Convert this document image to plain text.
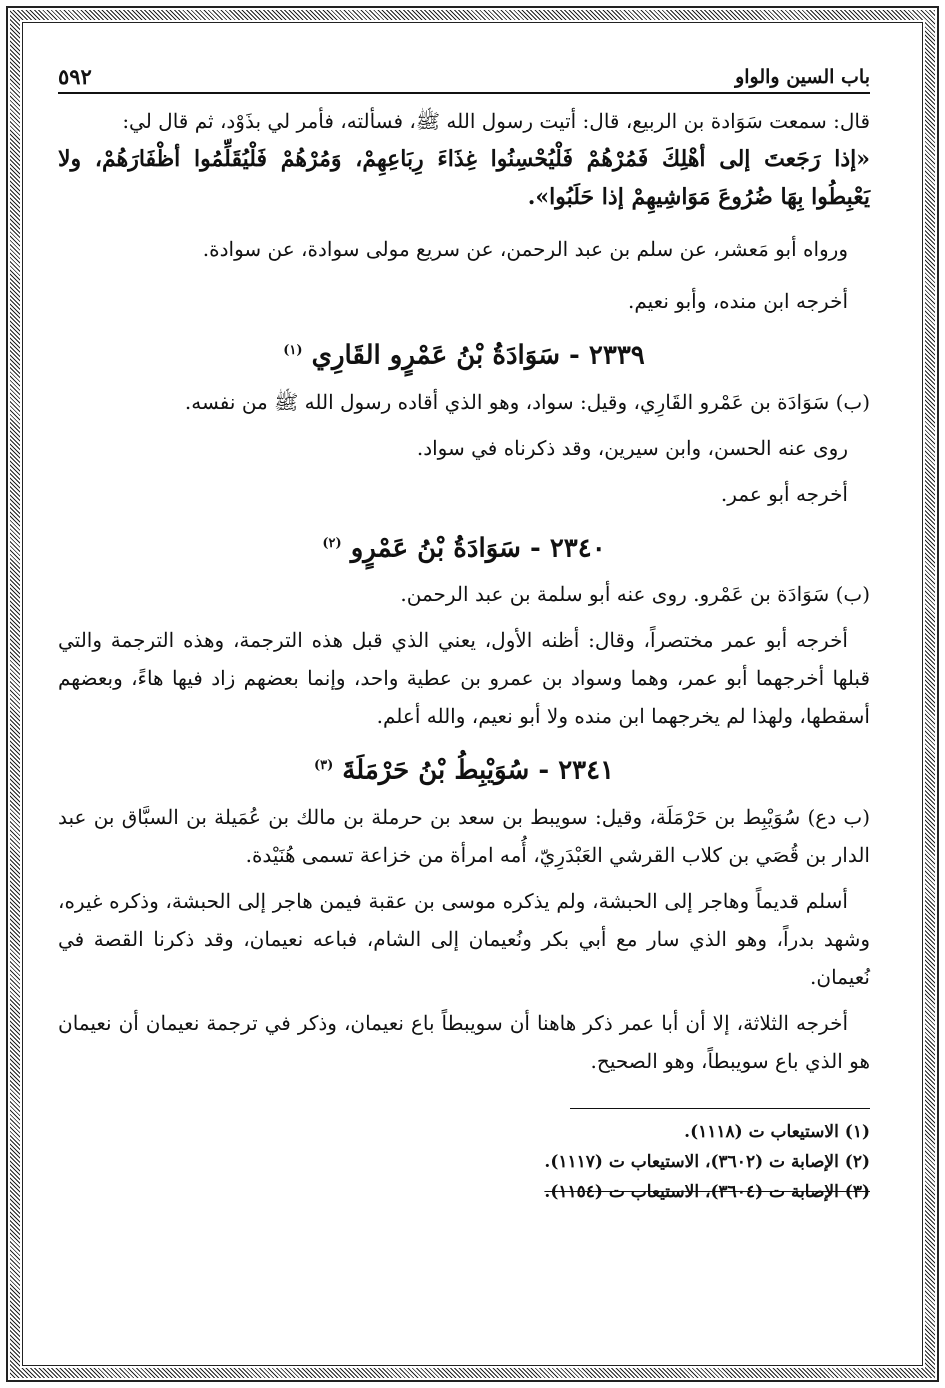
باب السين والواو
٥٩٢

قال: سمعت سَوَادة بن الربيع، قال: أتيت رسول الله ﷺ، فسألته، فأمر لي بذَوْد، ثم قال لي:

«إذا رَجَعتَ إلى أهْلِكَ فَمُرْهُمْ فَلْيُحْسِنُوا غِذَاءَ رِبَاعِهِمْ، وَمُرْهُمْ فَلْيُقَلِّمُوا أظْفَارَهُمْ، ولا يَعْبِطُوا بِهَا ضُرُوعَ مَوَاشِيهِمْ إذا حَلَبُوا».

ورواه أبو مَعشر، عن سلم بن عبد الرحمن، عن سريع مولى سوادة، عن سوادة.

أخرجه ابن منده، وأبو نعيم.

٢٣٣٩ - سَوَادَةُ بْنُ عَمْرٍو القَارِي $^{(١)}$

(ب) سَوَادَة بن عَمْرو القَارِي، وقيل: سواد، وهو الذي أقاده رسول الله ﷺ من نفسه.

روى عنه الحسن، وابن سيرين، وقد ذكرناه في سواد.

أخرجه أبو عمر.

٢٣٤٠ - سَوَادَةُ بْنُ عَمْرٍو $^{(٢)}$

(ب) سَوَادَة بن عَمْرو. روى عنه أبو سلمة بن عبد الرحمن.

أخرجه أبو عمر مختصراً، وقال: أظنه الأول، يعني الذي قبل هذه الترجمة، وهذه الترجمة والتي قبلها أخرجهما أبو عمر، وهما وسواد بن عمرو بن عطية واحد، وإنما بعضهم زاد فيها هاءً، وبعضهم أسقطها، ولهذا لم يخرجهما ابن منده ولا أبو نعيم، والله أعلم.

٢٣٤١ - سُوَيْبِطُ بْنُ حَرْمَلَةَ $^{(٣)}$

(ب دع) سُوَيْبِط بن حَرْمَلَة، وقيل: سويبط بن سعد بن حرملة بن مالك بن عُمَيلة بن السبَّاق بن عبد الدار بن قُصَي بن كلاب القرشي العَبْدَرِيّ، أُمه امرأة من خزاعة تسمى هُنَيْدة.

أسلم قديماً وهاجر إلى الحبشة، ولم يذكره موسى بن عقبة فيمن هاجر إلى الحبشة، وذكره غيره، وشهد بدراً، وهو الذي سار مع أبي بكر ونُعيمان إلى الشام، فباعه نعيمان، وقد ذكرنا القصة في نُعيمان.

أخرجه الثلاثة، إلا أن أبا عمر ذكر هاهنا أن سويبطاً باع نعيمان، وذكر في ترجمة نعيمان أن نعيمان هو الذي باع سويبطاً، وهو الصحيح.

(١) الاستيعاب ت (١١١٨).
(٢) الإصابة ت (٣٦٠٢)، الاستيعاب ت (١١١٧).
(٣) الإصابة ت (٣٦٠٤)، الاستيعاب ت (١١٥٤).
